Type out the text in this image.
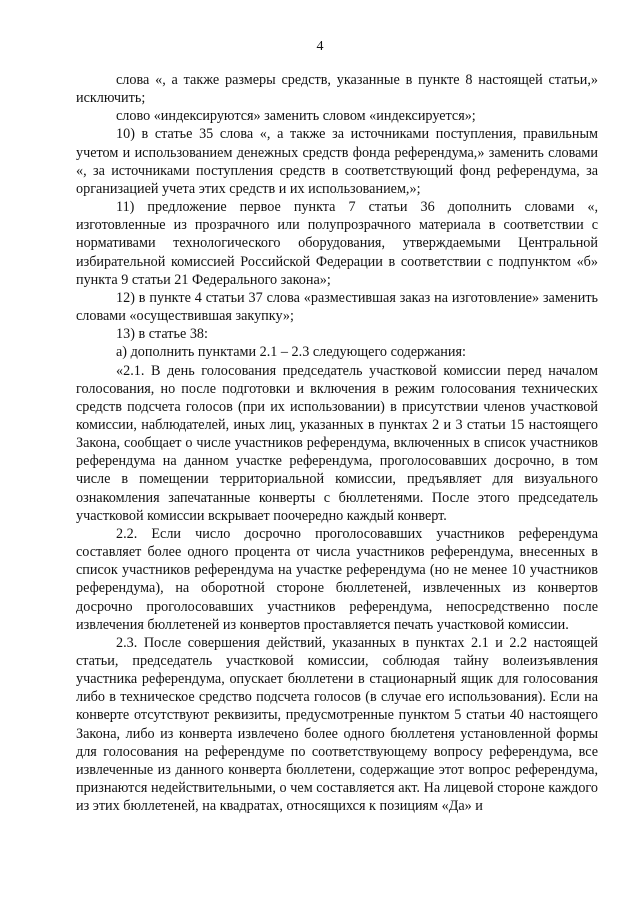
4

слова «, а также размеры средств, указанные в пункте 8 настоящей статьи,» исключить;

слово «индексируются» заменить словом «индексируется»;

10) в статье 35 слова «, а также за источниками поступления, правильным учетом и использованием денежных средств фонда референдума,» заменить словами «, за источниками поступления средств в соответствующий фонд референдума, за организацией учета этих средств и их использованием,»;

11) предложение первое пункта 7 статьи 36 дополнить словами «, изготовленные из прозрачного или полупрозрачного материала в соответствии с нормативами технологического оборудования, утверждаемыми Центральной избирательной комиссией Российской Федерации в соответствии с подпунктом «б» пункта 9 статьи 21 Федерального закона»;

12) в пункте 4 статьи 37 слова «разместившая заказ на изготовление» заменить словами «осуществившая закупку»;

13) в статье 38:

а) дополнить пунктами 2.1 – 2.3 следующего содержания:

«2.1. В день голосования председатель участковой комиссии перед началом голосования, но после подготовки и включения в режим голосования технических средств подсчета голосов (при их использовании) в присутствии членов участковой комиссии, наблюдателей, иных лиц, указанных в пунктах 2 и 3 статьи 15 настоящего Закона, сообщает о числе участников референдума, включенных в список участников референдума на данном участке референдума, проголосовавших досрочно, в том числе в помещении территориальной комиссии, предъявляет для визуального ознакомления запечатанные конверты с бюллетенями. После этого председатель участковой комиссии вскрывает поочередно каждый конверт.

2.2. Если число досрочно проголосовавших участников референдума составляет более одного процента от числа участников референдума, внесенных в список участников референдума на участке референдума (но не менее 10 участников референдума), на оборотной стороне бюллетеней, извлеченных из конвертов досрочно проголосовавших участников референдума, непосредственно после извлечения бюллетеней из конвертов проставляется печать участковой комиссии.

2.3. После совершения действий, указанных в пунктах 2.1 и 2.2 настоящей статьи, председатель участковой комиссии, соблюдая тайну волеизъявления участника референдума, опускает бюллетени в стационарный ящик для голосования либо в техническое средство подсчета голосов (в случае его использования). Если на конверте отсутствуют реквизиты, предусмотренные пунктом 5 статьи 40 настоящего Закона, либо из конверта извлечено более одного бюллетеня установленной формы для голосования на референдуме по соответствующему вопросу референдума, все извлеченные из данного конверта бюллетени, содержащие этот вопрос референдума, признаются недействительными, о чем составляется акт. На лицевой стороне каждого из этих бюллетеней, на квадратах, относящихся к позициям «Да» и
